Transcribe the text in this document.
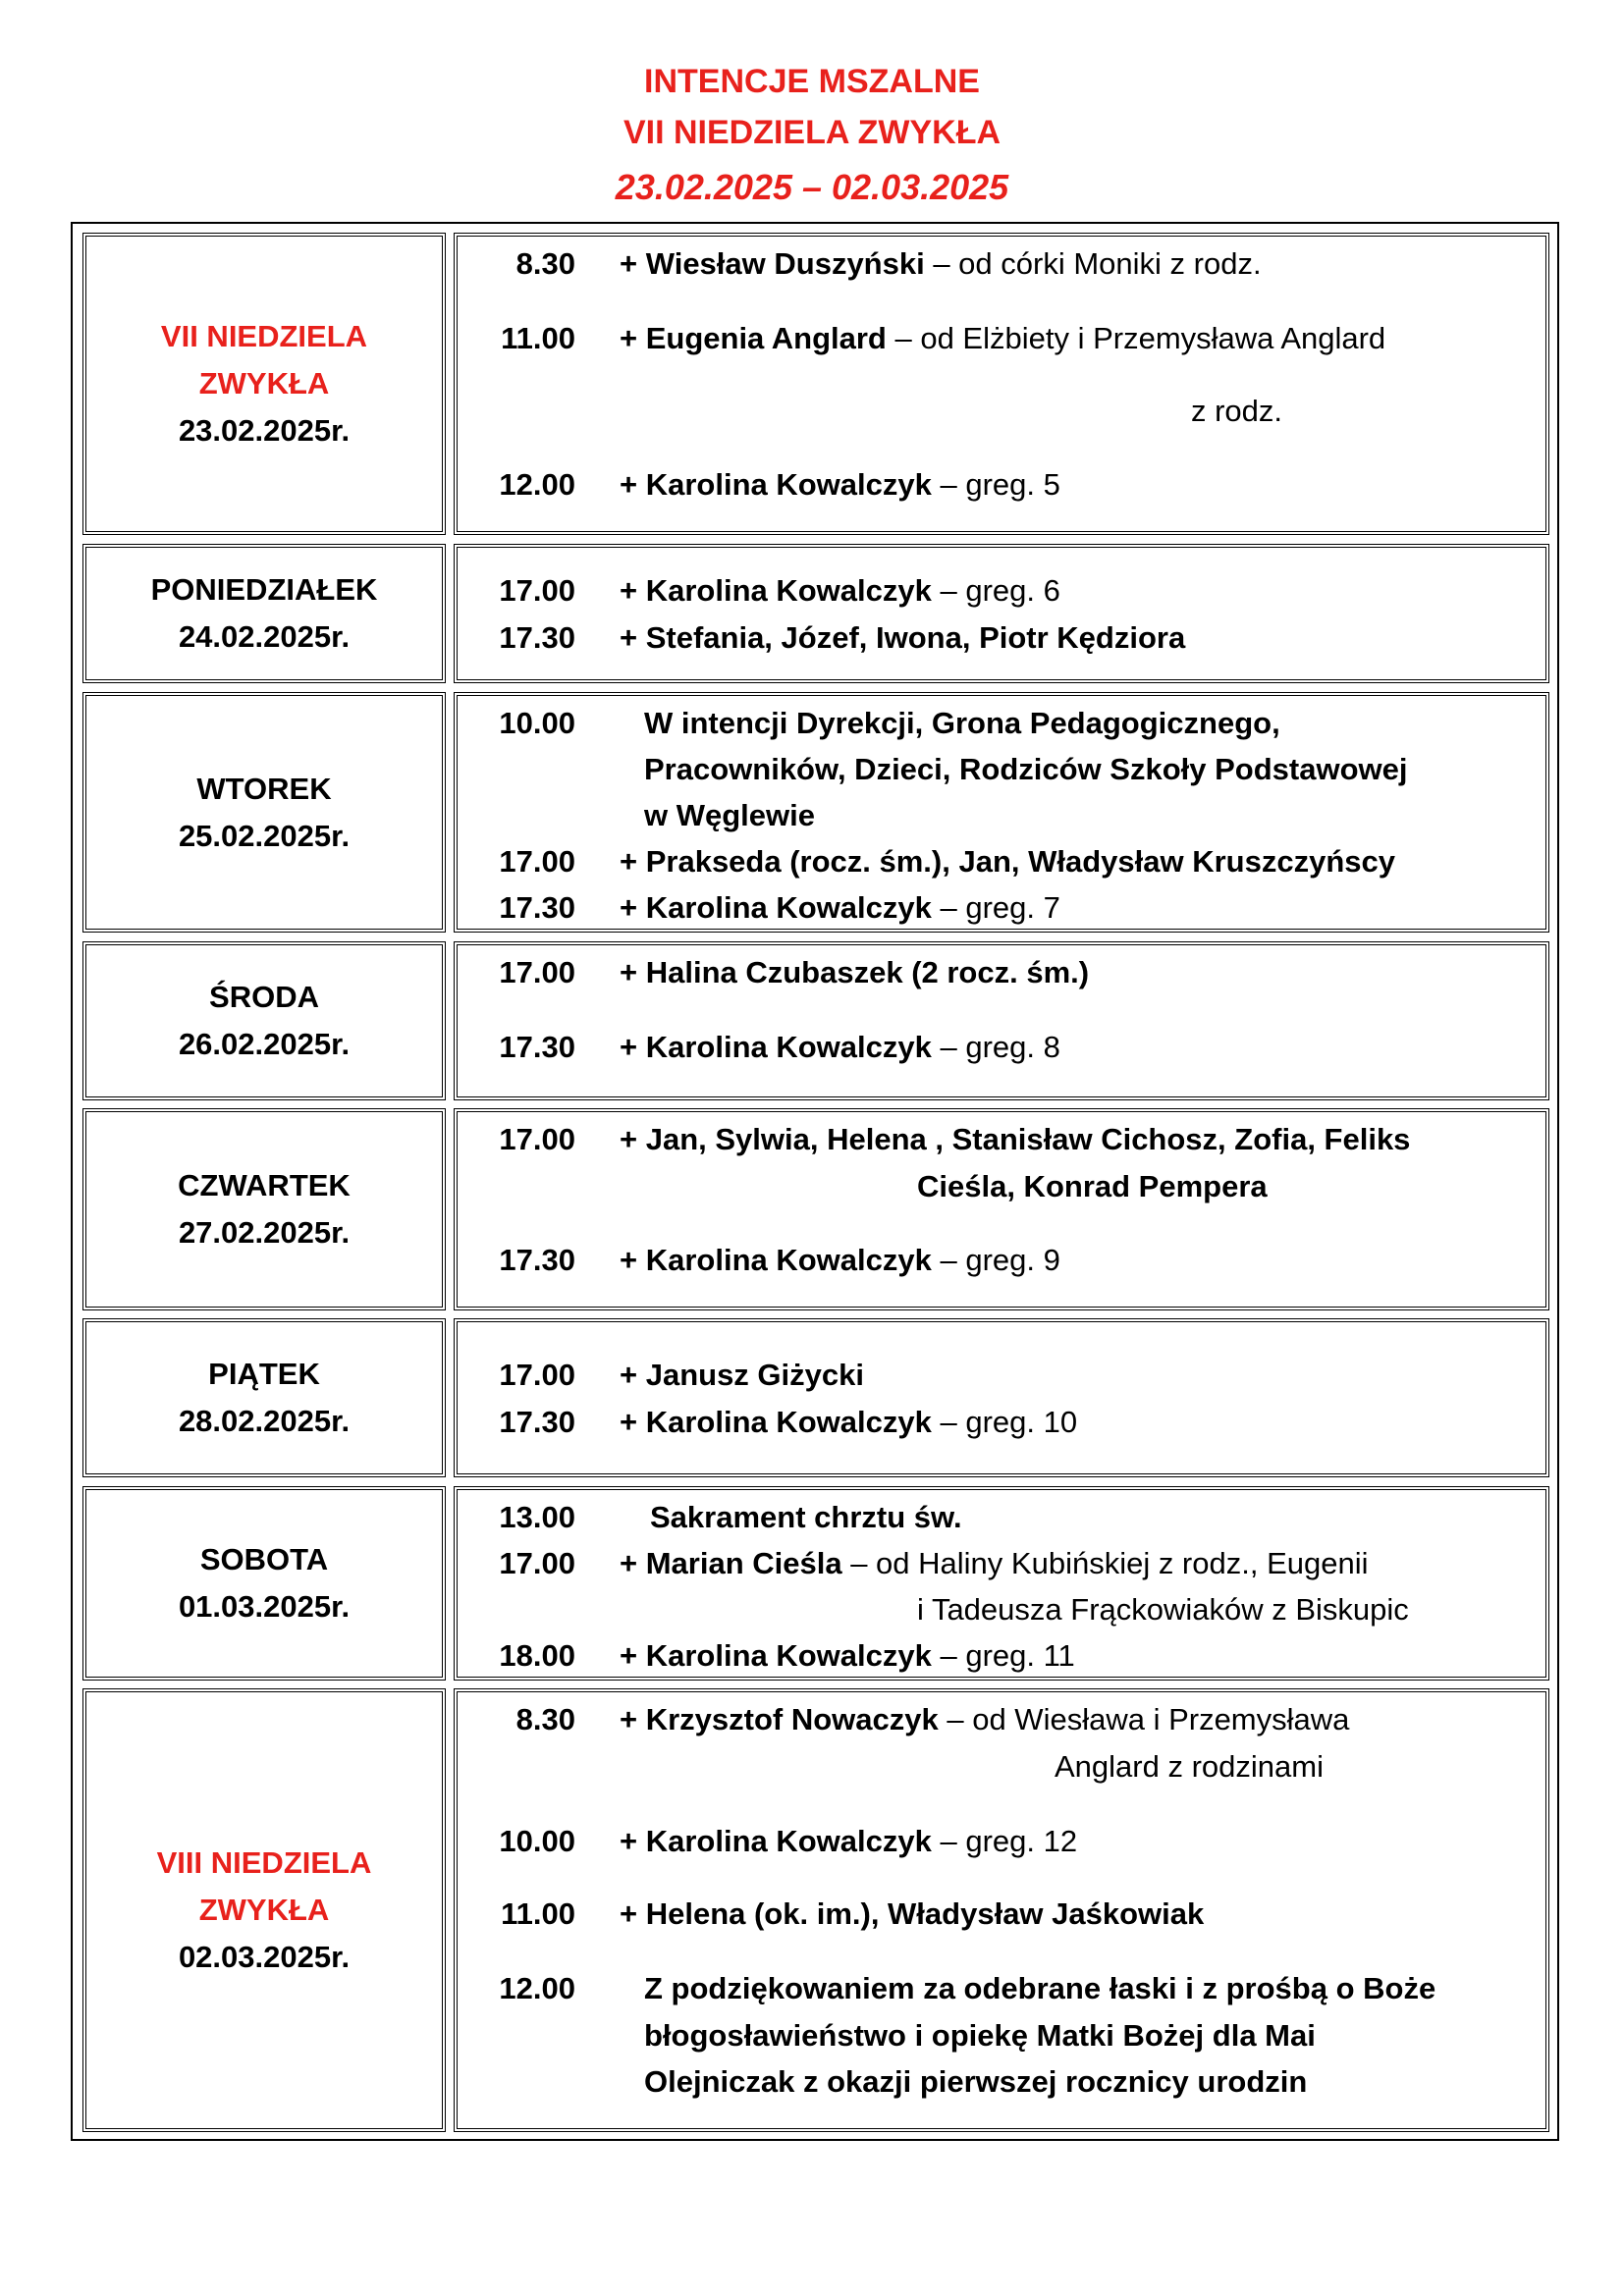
INTENCJE MSZALNE
VII NIEDZIELA ZWYKŁA
23.02.2025 – 02.03.2025
VII NIEDZIELA
ZWYKŁA
23.02.2025r.
8.30 + Wiesław Duszyński – od córki Moniki z rodz.
11.00 + Eugenia Anglard – od Elżbiety i Przemysława Anglard
z rodz.
12.00 + Karolina Kowalczyk – greg. 5
PONIEDZIAŁEK
24.02.2025r.
17.00 + Karolina Kowalczyk – greg. 6
17.30 + Stefania, Józef, Iwona, Piotr Kędziora
WTOREK
25.02.2025r.
10.00 W intencji Dyrekcji, Grona Pedagogicznego,
Pracowników, Dzieci, Rodziców Szkoły Podstawowej
w Węglewie
17.00 + Prakseda (rocz. śm.), Jan, Władysław Kruszczyńscy
17.30 + Karolina Kowalczyk – greg. 7
ŚRODA
26.02.2025r.
17.00 + Halina Czubaszek (2 rocz. śm.)
17.30 + Karolina Kowalczyk – greg. 8
CZWARTEK
27.02.2025r.
17.00 + Jan, Sylwia, Helena , Stanisław Cichosz, Zofia, Feliks
Cieśla, Konrad Pempera
17.30 + Karolina Kowalczyk – greg. 9
PIĄTEK
28.02.2025r.
17.00 + Janusz Giżycki
17.30 + Karolina Kowalczyk – greg. 10
SOBOTA
01.03.2025r.
13.00 Sakrament chrztu św.
17.00 + Marian Cieśla – od Haliny Kubińskiej z rodz., Eugenii
i Tadeusza Frąckowiaków z Biskupic
18.00 + Karolina Kowalczyk – greg. 11
VIII NIEDZIELA
ZWYKŁA
02.03.2025r.
8.30 + Krzysztof Nowaczyk – od Wiesława i Przemysława
Anglard z rodzinami
10.00 + Karolina Kowalczyk – greg. 12
11.00 + Helena (ok. im.), Władysław Jaśkowiak
12.00 Z podziękowaniem za odebrane łaski i z prośbą o Boże
błogosławieństwo i opiekę Matki Bożej dla Mai
Olejniczak z okazji pierwszej rocznicy urodzin
